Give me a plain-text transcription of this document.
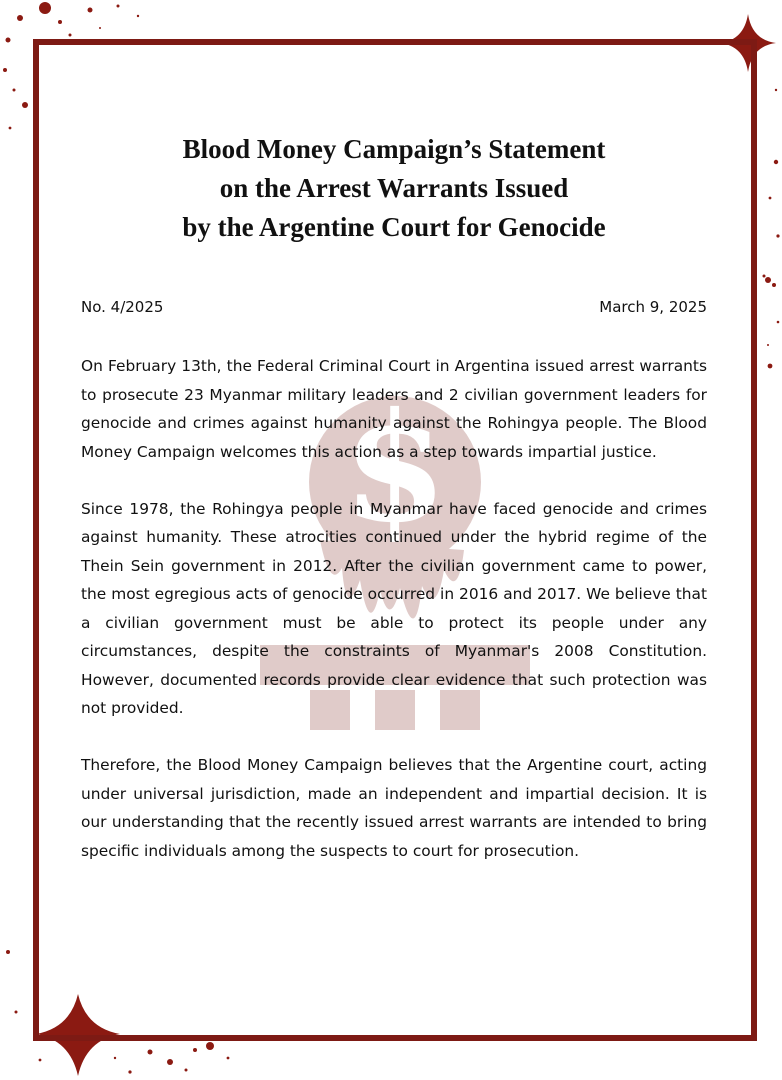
$
Blood Money Campaign’s Statement
on the Arrest Warrants Issued
by the Argentine Court for Genocide
No. 4/2025	March 9, 2025

On February 13th, the Federal Criminal Court in Argentina issued arrest warrants to prosecute 23 Myanmar military leaders and 2 civilian government leaders for genocide and crimes against humanity against the Rohingya people. The Blood Money Campaign welcomes this action as a step towards impartial justice.

Since 1978, the Rohingya people in Myanmar have faced genocide and crimes against humanity. These atrocities continued under the hybrid regime of the Thein Sein government in 2012. After the civilian government came to power, the most egregious acts of genocide occurred in 2016 and 2017. We believe that a civilian government must be able to protect its people under any circumstances, despite the constraints of Myanmar's 2008 Constitution. However, documented records provide clear evidence that such protection was not provided.

Therefore, the Blood Money Campaign believes that the Argentine court, acting under universal jurisdiction, made an independent and impartial decision. It is our understanding that the recently issued arrest warrants are intended to bring specific individuals among the suspects to court for prosecution.
